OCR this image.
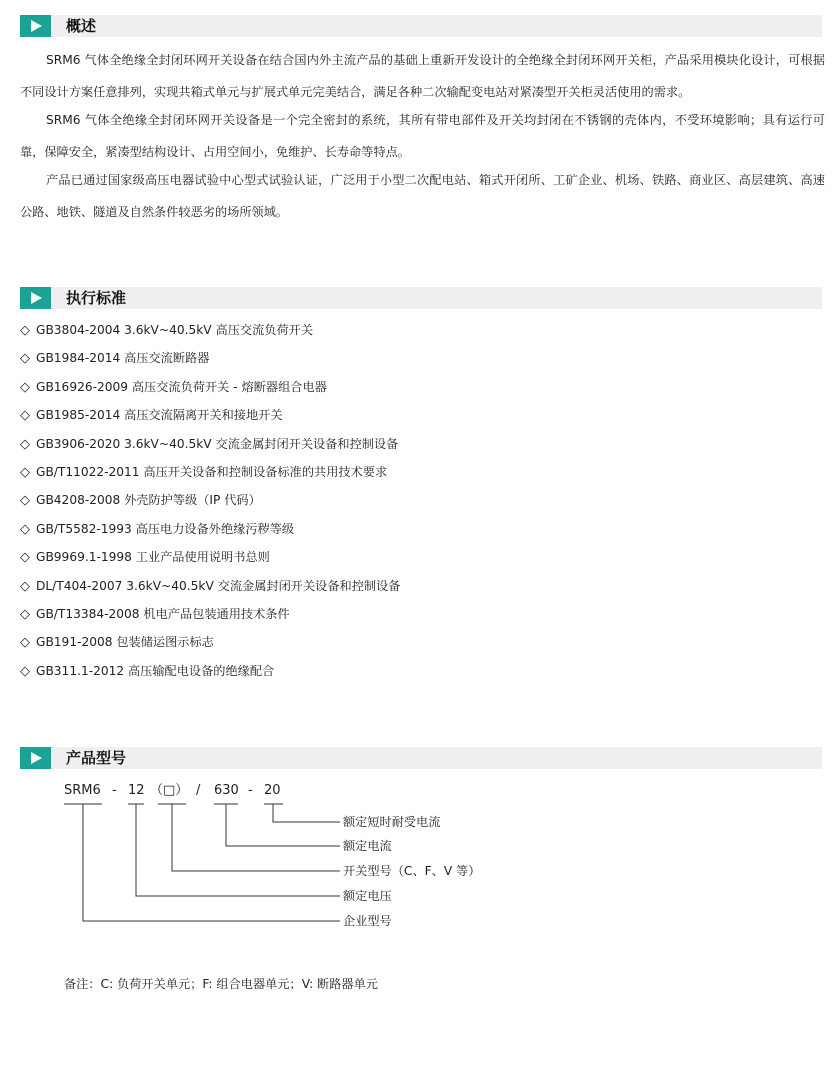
概述
SRM6 气体全绝缘全封闭环网开关设备在结合国内外主流产品的基础上重新开发设计的全绝缘全封闭环网开关柜，产品采用模块化设计，可根据不同设计方案任意排列，实现共箱式单元与扩展式单元完美结合，满足各种二次输配变电站对紧凑型开关柜灵活使用的需求。
SRM6 气体全绝缘全封闭环网开关设备是一个完全密封的系统，其所有带电部件及开关均封闭在不锈钢的壳体内，不受环境影响；具有运行可靠，保障安全，紧凑型结构设计、占用空间小，免维护、长寿命等特点。
产品已通过国家级高压电器试验中心型式试验认证，广泛用于小型二次配电站、箱式开闭所、工矿企业、机场、铁路、商业区、高层建筑、高速公路、地铁、隧道及自然条件较恶劣的场所领域。
执行标准
◇ GB3804-2004 3.6kV~40.5kV 高压交流负荷开关
◇ GB1984-2014 高压交流断路器
◇ GB16926-2009 高压交流负荷开关 - 熔断器组合电器
◇ GB1985-2014 高压交流隔离开关和接地开关
◇ GB3906-2020 3.6kV~40.5kV 交流金属封闭开关设备和控制设备
◇ GB/T11022-2011 高压开关设备和控制设备标准的共用技术要求
◇ GB4208-2008 外壳防护等级（IP 代码）
◇ GB/T5582-1993 高压电力设备外绝缘污秽等级
◇ GB9969.1-1998 工业产品使用说明书总则
◇ DL/T404-2007 3.6kV~40.5kV 交流金属封闭开关设备和控制设备
◇ GB/T13384-2008 机电产品包装通用技术条件
◇ GB191-2008 包装储运图示标志
◇ GB311.1-2012 高压输配电设备的绝缘配合
产品型号
SRM6 - 12 （□） / 630 - 20
额定短时耐受电流
额定电流
开关型号（C、F、V 等）
额定电压
企业型号
备注：C: 负荷开关单元；F: 组合电器单元；V: 断路器单元
